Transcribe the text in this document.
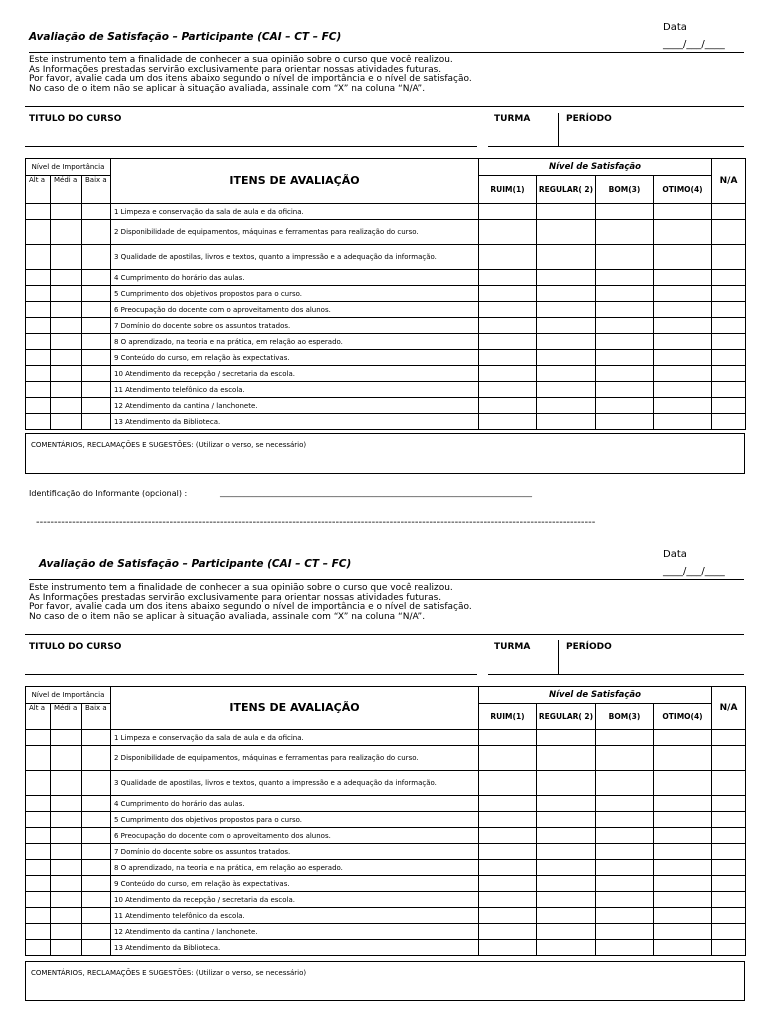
Avaliação de Satisfação – Participante (CAI – CT – FC)
Data
____/___/____
Este instrumento tem a finalidade de conhecer a sua opinião sobre o curso que você realizou.
As Informações prestadas servirão exclusivamente para orientar nossas atividades futuras.
Por favor, avalie cada um dos itens abaixo segundo o nível de importância e o nível de satisfação.
No caso de o item não se aplicar à situação avaliada, assinale com “X” na coluna “N/A”.
TITULO DO CURSO	TURMA	PERÍODO
Nível de Importância			ITENS DE AVALIAÇÃO	Nível de Satisfação				N/A
Alt a	Médi a	Baix a		RUIM(1)	REGULAR( 2)	BOM(3)	OTIMO(4)	
			1 Limpeza e conservação da sala de aula e da oficina.					
			2 Disponibilidade de equipamentos, máquinas e ferramentas para realização do curso.					
			3 Qualidade de apostilas, livros e textos, quanto a impressão e a adequação da informação.					
			4 Cumprimento do horário das aulas.					
			5 Cumprimento dos objetivos propostos para o curso.					
			6 Preocupação do docente com o aproveitamento dos alunos.					
			7 Domínio do docente sobre os assuntos tratados.					
			8 O aprendizado, na teoria e na prática, em relação ao esperado.					
			9 Conteúdo do curso, em relação às expectativas.					
			10 Atendimento da recepção / secretaria da escola.					
			11 Atendimento telefônico da escola.					
			12 Atendimento da cantina / lanchonete.					
			13 Atendimento da Biblioteca.					
COMENTÁRIOS, RECLAMAÇÕES E SUGESTÕES: (Utilizar o verso, se necessário)
Identificação do Informante (opcional) :	______________________________________________________________________________
-----------------------------------------------------------------------------------------------------------------------------------------------------------
Avaliação de Satisfação – Participante (CAI – CT – FC)
Data
____/___/____
Este instrumento tem a finalidade de conhecer a sua opinião sobre o curso que você realizou.
As Informações prestadas servirão exclusivamente para orientar nossas atividades futuras.
Por favor, avalie cada um dos itens abaixo segundo o nível de importância e o nível de satisfação.
No caso de o item não se aplicar à situação avaliada, assinale com “X” na coluna “N/A”.
TITULO DO CURSO	TURMA	PERÍODO
Nível de Importância			ITENS DE AVALIAÇÃO	Nível de Satisfação				N/A
Alt a	Médi a	Baix a		RUIM(1)	REGULAR( 2)	BOM(3)	OTIMO(4)	
			1 Limpeza e conservação da sala de aula e da oficina.					
			2 Disponibilidade de equipamentos, máquinas e ferramentas para realização do curso.					
			3 Qualidade de apostilas, livros e textos, quanto a impressão e a adequação da informação.					
			4 Cumprimento do horário das aulas.					
			5 Cumprimento dos objetivos propostos para o curso.					
			6 Preocupação do docente com o aproveitamento dos alunos.					
			7 Domínio do docente sobre os assuntos tratados.					
			8 O aprendizado, na teoria e na prática, em relação ao esperado.					
			9 Conteúdo do curso, em relação às expectativas.					
			10 Atendimento da recepção / secretaria da escola.					
			11 Atendimento telefônico da escola.					
			12 Atendimento da cantina / lanchonete.					
			13 Atendimento da Biblioteca.					
COMENTÁRIOS, RECLAMAÇÕES E SUGESTÕES: (Utilizar o verso, se necessário)
